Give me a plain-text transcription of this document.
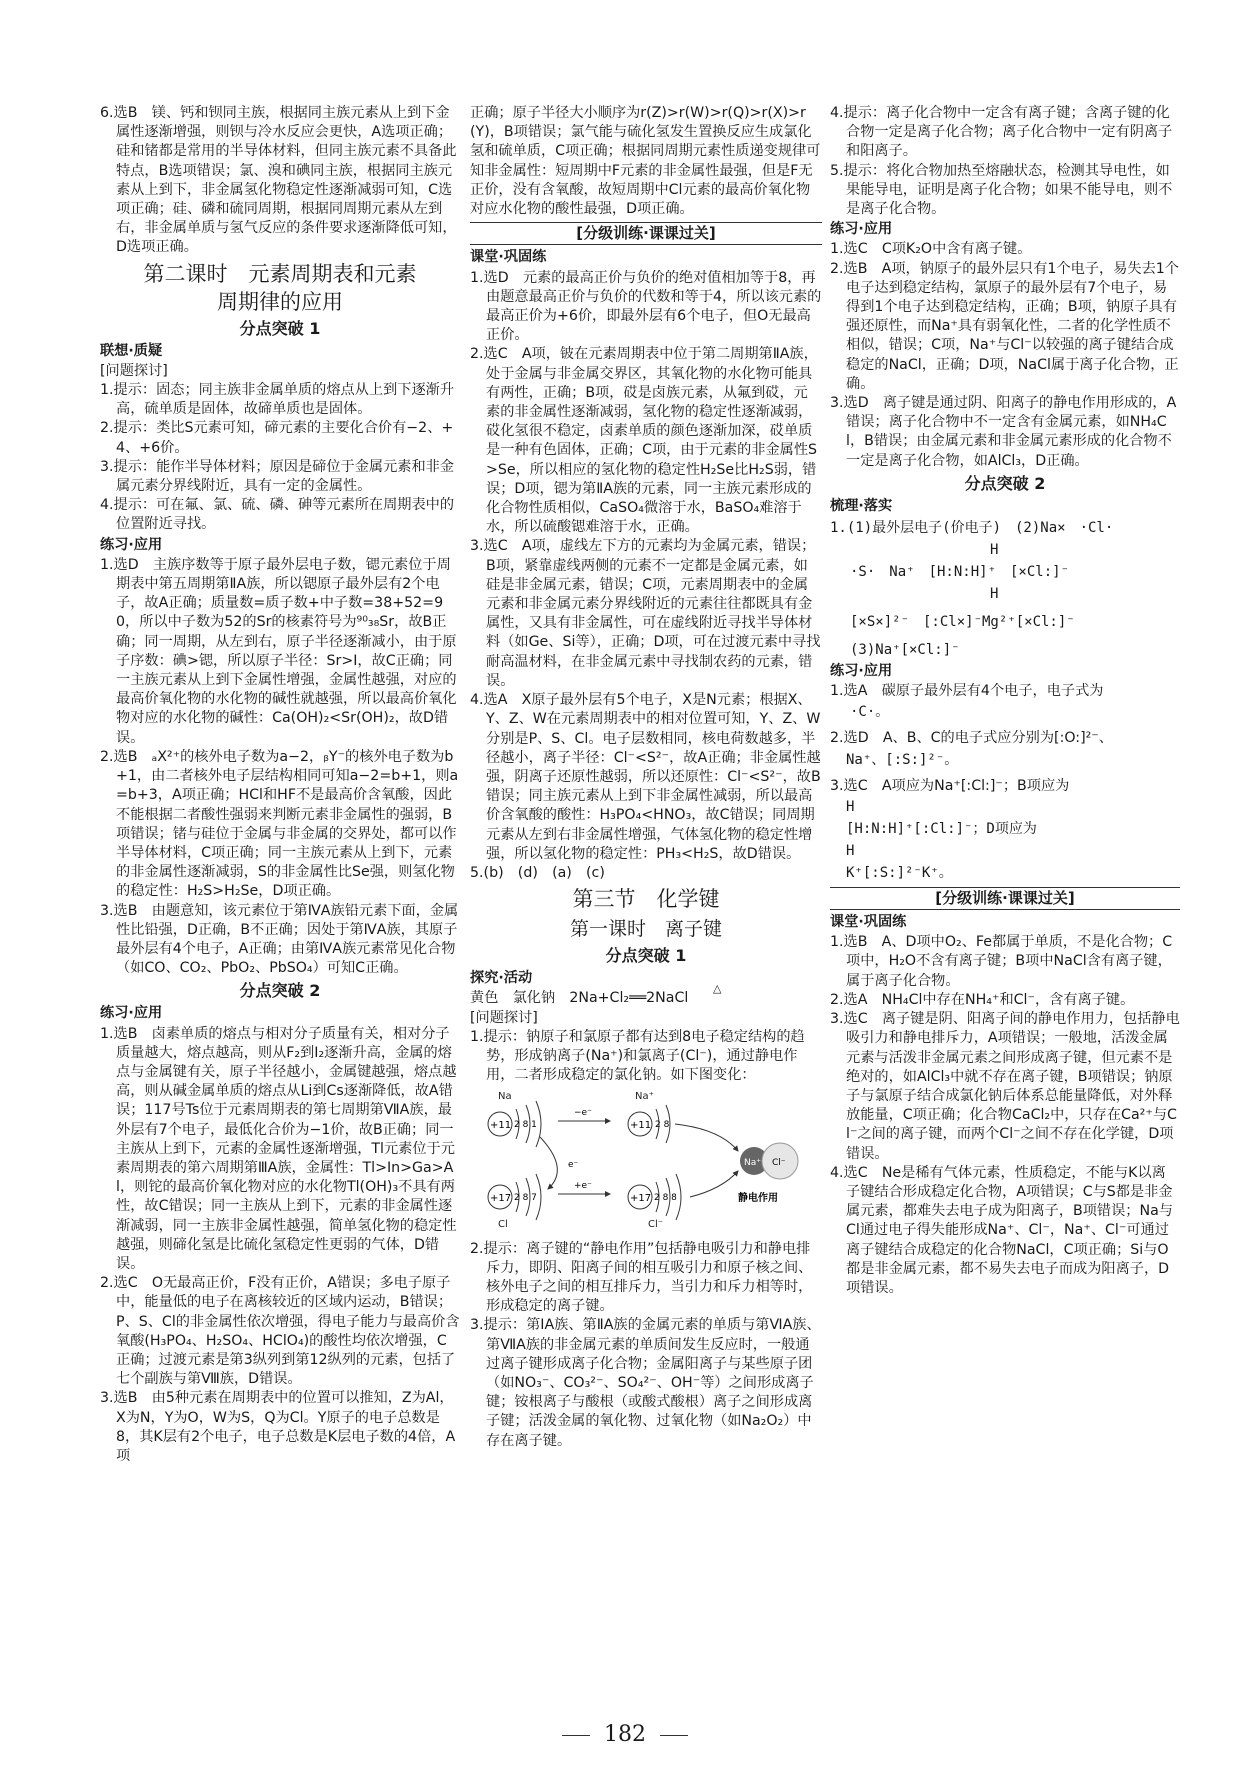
6.选B　镁、钙和钡同主族，根据同主族元素从上到下金属性逐渐增强，则钡与冷水反应会更快，A选项正确；硅和锗都是常用的半导体材料，但同主族元素不具备此特点，B选项错误；氯、溴和碘同主族，根据同主族元素从上到下，非金属氢化物稳定性逐渐减弱可知，C选项正确；硅、磷和硫同周期，根据同周期元素从左到右，非金属单质与氢气反应的条件要求逐渐降低可知，D选项正确。

第二课时　元素周期表和元素
周期律的应用
分点突破 1
联想·质疑
[问题探讨]

1.提示：固态；同主族非金属单质的熔点从上到下逐渐升高，硫单质是固体，故碲单质也是固体。

2.提示：类比S元素可知，碲元素的主要化合价有−2、+4、+6价。

3.提示：能作半导体材料；原因是碲位于金属元素和非金属元素分界线附近，具有一定的金属性。

4.提示：可在氟、氯、硫、磷、砷等元素所在周期表中的位置附近寻找。

练习·应用

1.选D　主族序数等于原子最外层电子数，锶元素位于周期表中第五周期第ⅡA族，所以锶原子最外层有2个电子，故A正确；质量数=质子数+中子数=38+52=90，所以中子数为52的Sr的核素符号为⁹⁰₃₈Sr，故B正确；同一周期，从左到右，原子半径逐渐减小，由于原子序数：碘>锶，所以原子半径：Sr>I，故C正确；同一主族元素从上到下金属性增强，金属性越强，对应的最高价氧化物的水化物的碱性就越强，所以最高价氧化物对应的水化物的碱性：Ca(OH)₂<Sr(OH)₂，故D错误。

2.选B　ₐX²⁺的核外电子数为a−2，ᵦY⁻的核外电子数为b+1，由二者核外电子层结构相同可知a−2=b+1，则a=b+3，A项正确；HCl和HF不是最高价含氧酸，因此不能根据二者酸性强弱来判断元素非金属性的强弱，B项错误；锗与硅位于金属与非金属的交界处，都可以作半导体材料，C项正确；同一主族元素从上到下，元素的非金属性逐渐减弱，S的非金属性比Se强，则氢化物的稳定性：H₂S>H₂Se，D项正确。

3.选B　由题意知，该元素位于第ⅣA族铅元素下面，金属性比铅强，D正确，B不正确；因处于第ⅣA族，其原子最外层有4个电子，A正确；由第ⅣA族元素常见化合物（如CO、CO₂、PbO₂、PbSO₄）可知C正确。

分点突破 2
练习·应用

1.选B　卤素单质的熔点与相对分子质量有关，相对分子质量越大，熔点越高，则从F₂到I₂逐渐升高，金属的熔点与金属键有关，原子半径越小，金属键越强，熔点越高，则从碱金属单质的熔点从Li到Cs逐渐降低，故A错误；117号Ts位于元素周期表的第七周期第ⅦA族，最外层有7个电子，最低化合价为−1价，故B正确；同一主族从上到下，元素的金属性逐渐增强，Tl元素位于元素周期表的第六周期第ⅢA族，金属性：Tl>In>Ga>Al，则铊的最高价氧化物对应的水化物Tl(OH)₃不具有两性，故C错误；同一主族从上到下，元素的非金属性逐渐减弱，同一主族非金属性越强，简单氢化物的稳定性越强，则碲化氢是比硫化氢稳定性更弱的气体，D错误。

2.选C　O无最高正价，F没有正价，A错误；多电子原子中，能量低的电子在离核较近的区域内运动，B错误；P、S、Cl的非金属性依次增强，得电子能力与最高价含氧酸(H₃PO₄、H₂SO₄、HClO₄)的酸性均依次增强，C正确；过渡元素是第3纵列到第12纵列的元素，包括了七个副族与第Ⅷ族，D错误。

3.选B　由5种元素在周期表中的位置可以推知，Z为Al，X为N，Y为O，W为S，Q为Cl。Y原子的电子总数是8，其K层有2个电子，电子总数是K层电子数的4倍，A项

正确；原子半径大小顺序为r(Z)>r(W)>r(Q)>r(X)>r(Y)，B项错误；氯气能与硫化氢发生置换反应生成氯化氢和硫单质，C项正确；根据同周期元素性质递变规律可知非金属性：短周期中F元素的非金属性最强，但是F无正价，没有含氧酸，故短周期中Cl元素的最高价氧化物对应水化物的酸性最强，D项正确。

[分级训练·课课过关]
课堂·巩固练

1.选D　元素的最高正价与负价的绝对值相加等于8，再由题意最高正价与负价的代数和等于4，所以该元素的最高正价为+6价，即最外层有6个电子，但O无最高正价。

2.选C　A项，铍在元素周期表中位于第二周期第ⅡA族，处于金属与非金属交界区，其氧化物的水化物可能具有两性，正确；B项，砹是卤族元素，从氟到砹，元素的非金属性逐渐减弱，氢化物的稳定性逐渐减弱，砹化氢很不稳定，卤素单质的颜色逐渐加深，砹单质是一种有色固体，正确；C项，由于元素的非金属性S>Se，所以相应的氢化物的稳定性H₂Se比H₂S弱，错误；D项，锶为第ⅡA族的元素，同一主族元素形成的化合物性质相似，CaSO₄微溶于水，BaSO₄难溶于水，所以硫酸锶难溶于水，正确。

3.选C　A项，虚线左下方的元素均为金属元素，错误；B项，紧靠虚线两侧的元素不一定都是金属元素，如硅是非金属元素，错误；C项，元素周期表中的金属元素和非金属元素分界线附近的元素往往都既具有金属性，又具有非金属性，可在虚线附近寻找半导体材料（如Ge、Si等），正确；D项，可在过渡元素中寻找耐高温材料，在非金属元素中寻找制农药的元素，错误。

4.选A　X原子最外层有5个电子，X是N元素；根据X、Y、Z、W在元素周期表中的相对位置可知，Y、Z、W分别是P、S、Cl。电子层数相同，核电荷数越多，半径越小，离子半径：Cl⁻<S²⁻，故A正确；非金属性越强，阴离子还原性越弱，所以还原性：Cl⁻<S²⁻，故B错误；同主族元素从上到下非金属性减弱，所以最高价含氧酸的酸性：H₃PO₄<HNO₃，故C错误；同周期元素从左到右非金属性增强，气体氢化物的稳定性增强，所以氢化物的稳定性：PH₃<H₂S，故D错误。

5.(b)　(d)　(a)　(c)

第三节　化学键
第一课时　离子键
分点突破 1
探究·活动
黄色　氯化钠　2Na+Cl₂══2NaCl
△
[问题探讨]

1.提示：钠原子和氯原子都有达到8电子稳定结构的趋势，形成钠离子(Na⁺)和氯离子(Cl⁻)，通过静电作用，二者形成稳定的氯化钠。如下图变化：

Na	Na⁺
Cl	Cl⁻
+11 2 8 1
−e⁻
+11 2 8
e⁻
+17 2 8 7
+e⁻
+17 2 8 8
Na⁺ Cl⁻
静电作用

2.提示：离子键的“静电作用”包括静电吸引力和静电排斥力，即阴、阳离子间的相互吸引力和原子核之间、核外电子之间的相互排斥力，当引力和斥力相等时，形成稳定的离子键。

3.提示：第ⅠA族、第ⅡA族的金属元素的单质与第ⅥA族、第ⅦA族的非金属元素的单质间发生反应时，一般通过离子键形成离子化合物；金属阳离子与某些原子团（如NO₃⁻、CO₃²⁻、SO₄²⁻、OH⁻等）之间形成离子键；铵根离子与酸根（或酸式酸根）离子之间形成离子键；活泼金属的氧化物、过氧化物（如Na₂O₂）中存在离子键。

4.提示：离子化合物中一定含有离子键；含离子键的化合物一定是离子化合物；离子化合物中一定有阴离子和阳离子。

5.提示：将化合物加热至熔融状态，检测其导电性，如果能导电，证明是离子化合物；如果不能导电，则不是离子化合物。

练习·应用

1.选C　C项K₂O中含有离子键。

2.选B　A项，钠原子的最外层只有1个电子，易失去1个电子达到稳定结构，氯原子的最外层有7个电子，易得到1个电子达到稳定结构，正确；B项，钠原子具有强还原性，而Na⁺具有弱氧化性，二者的化学性质不相似，错误；C项，Na⁺与Cl⁻以较强的离子键结合成稳定的NaCl，正确；D项，NaCl属于离子化合物，正确。

3.选D　离子键是通过阴、阳离子的静电作用形成的，A错误；离子化合物中不一定含有金属元素，如NH₄Cl，B错误；由金属元素和非金属元素形成的化合物不一定是离子化合物，如AlCl₃，D正确。

分点突破 2
梳理·落实
1.(1)最外层电子(价电子)　(2)Na×　·Cl·
H
·S·　Na⁺　[H:N:H]⁺　[×Cl:]⁻
H
[×S×]²⁻　[:Cl×]⁻Mg²⁺[×Cl:]⁻
(3)Na⁺[×Cl:]⁻
练习·应用

1.选A　碳原子最外层有4个电子，电子式为

·C·。

2.选D　A、B、C的电子式应分别为[:O:]²⁻、

Na⁺、[:S:]²⁻。

3.选C　A项应为Na⁺[:Cl:]⁻；B项应为

H
[H:N:H]⁺[:Cl:]⁻；D项应为
H
K⁺[:S:]²⁻K⁺。
[分级训练·课课过关]
课堂·巩固练

1.选B　A、D项中O₂、Fe都属于单质，不是化合物；C项中，H₂O不含有离子键；B项中NaCl含有离子键，属于离子化合物。

2.选A　NH₄Cl中存在NH₄⁺和Cl⁻，含有离子键。

3.选C　离子键是阴、阳离子间的静电作用力，包括静电吸引力和静电排斥力，A项错误；一般地，活泼金属元素与活泼非金属元素之间形成离子键，但元素不是绝对的，如AlCl₃中就不存在离子键，B项错误；钠原子与氯原子结合成氯化钠后体系总能量降低，对外释放能量，C项正确；化合物CaCl₂中，只存在Ca²⁺与Cl⁻之间的离子键，而两个Cl⁻之间不存在化学键，D项错误。

4.选C　Ne是稀有气体元素，性质稳定，不能与K以离子键结合形成稳定化合物，A项错误；C与S都是非金属元素，都难失去电子成为阳离子，B项错误；Na与Cl通过电子得失能形成Na⁺、Cl⁻，Na⁺、Cl⁻可通过离子键结合成稳定的化合物NaCl，C项正确；Si与O都是非金属元素，都不易失去电子而成为阳离子，D项错误。

182
